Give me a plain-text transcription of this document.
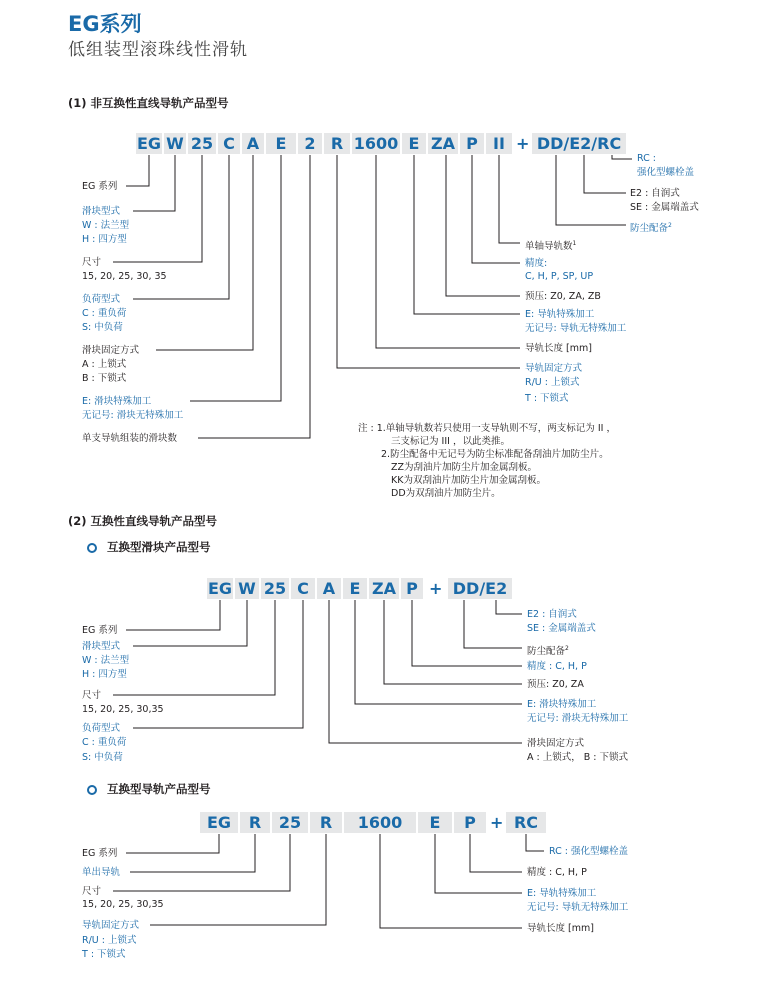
EG系列
低组装型滚珠线性滑轨
(1) 非互换性直线导轨产品型号
EG W 25 C A	E	2 R 1600 E ZA P II + DD/E2/RC
EG 系列
滑块型式
W : 法兰型
H : 四方型
尺寸
15, 20, 25, 30, 35
负荷型式
C : 重负荷
S: 中负荷
滑块固定方式
A : 上锁式
B : 下锁式
E: 滑块特殊加工
无记号: 滑块无特殊加工
单支导轨组装的滑块数
RC :
强化型螺栓盖
E2 : 自润式
SE : 金属端盖式
防尘配备$^2$
单轴导轨数$^1$
精度:
C, H, P, SP, UP
预压: Z0, ZA, ZB
E: 导轨特殊加工
无记号: 导轨无特殊加工
导轨长度 [mm]
导轨固定方式
R/U : 上锁式
T : 下锁式
注 : 1.单轴导轨数若只使用一支导轨则不写，两支标记为 II ，
三支标记为 III ，以此类推。
2.防尘配备中无记号为防尘标准配备刮油片加防尘片。
ZZ为刮油片加防尘片加金属刮板。
KK为双刮油片加防尘片加金属刮板。
DD为双刮油片加防尘片。
(2) 互换性直线导轨产品型号
互换型滑块产品型号
EG W 25 C A E ZA P + DD/E2
EG 系列
滑块型式
W : 法兰型
H : 四方型
尺寸
15, 20, 25, 30,35
负荷型式
C : 重负荷
S: 中负荷
E2 : 自润式
SE : 金属端盖式
防尘配备$^2$
精度 : C, H, P
预压: Z0, ZA
E: 滑块特殊加工
无记号: 滑块无特殊加工
滑块固定方式
A : 上锁式， B : 下锁式
互换型导轨产品型号
EG	R	25	R	1600	E	P + RC
EG 系列
单出导轨
尺寸
15, 20, 25, 30,35
导轨固定方式
R/U : 上锁式
T : 下锁式
RC : 强化型螺栓盖
精度 : C, H, P
E: 导轨特殊加工
无记号: 导轨无特殊加工
导轨长度 [mm]
